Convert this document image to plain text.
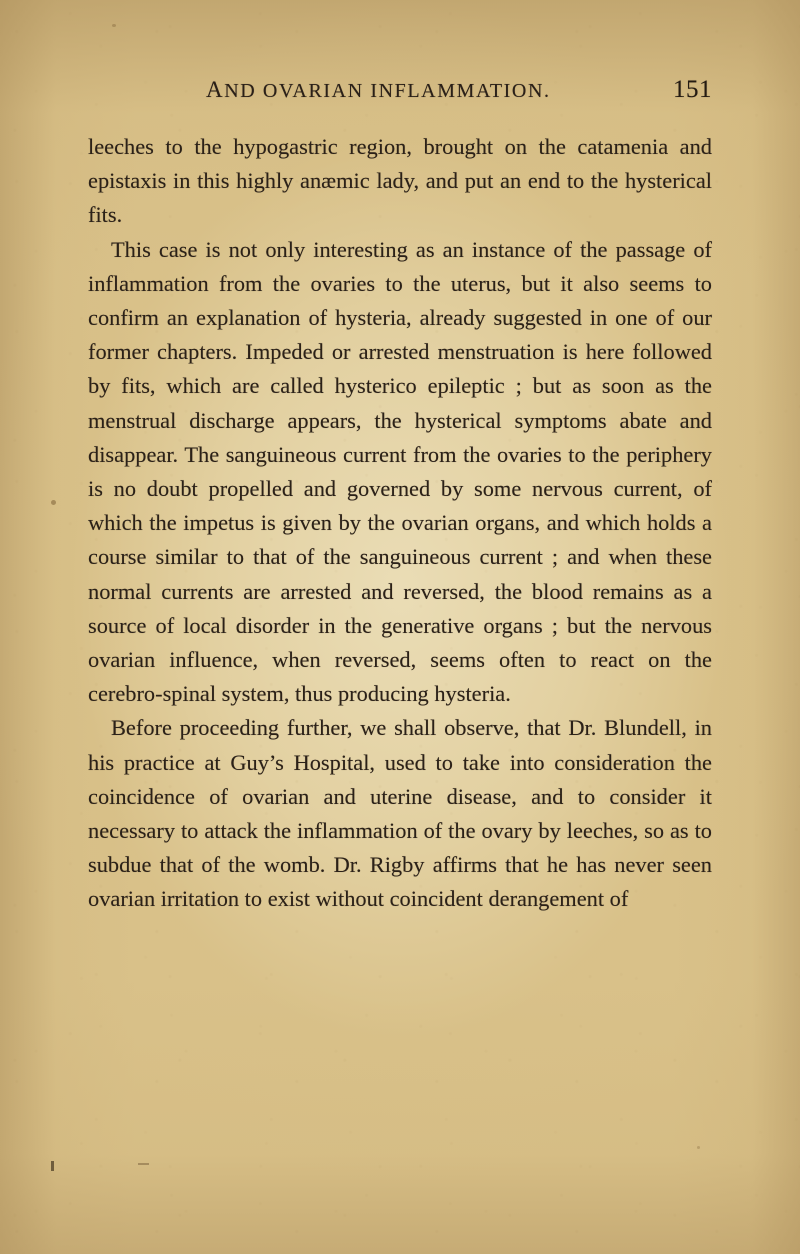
AND OVARIAN INFLAMMATION.	151

leeches to the hypogastric region, brought on the catamenia and epistaxis in this highly anæmic lady, and put an end to the hysterical fits.

This case is not only interesting as an instance of the passage of inflammation from the ovaries to the uterus, but it also seems to confirm an explanation of hysteria, already suggested in one of our former chapters. Impeded or arrested menstruation is here followed by fits, which are called hysterico epileptic ; but as soon as the menstrual discharge appears, the hysterical symptoms abate and disappear. The sanguineous current from the ovaries to the periphery is no doubt propelled and governed by some nervous current, of which the impetus is given by the ovarian organs, and which holds a course similar to that of the sanguineous current ; and when these normal currents are arrested and reversed, the blood remains as a source of local disorder in the generative organs ; but the nervous ovarian influence, when reversed, seems often to react on the cerebro-spinal system, thus producing hysteria.

Before proceeding further, we shall observe, that Dr. Blundell, in his practice at Guy’s Hospital, used to take into consideration the coincidence of ovarian and uterine disease, and to consider it necessary to attack the inflammation of the ovary by leeches, so as to subdue that of the womb. Dr. Rigby affirms that he has never seen ovarian irritation to exist without coincident derangement of
